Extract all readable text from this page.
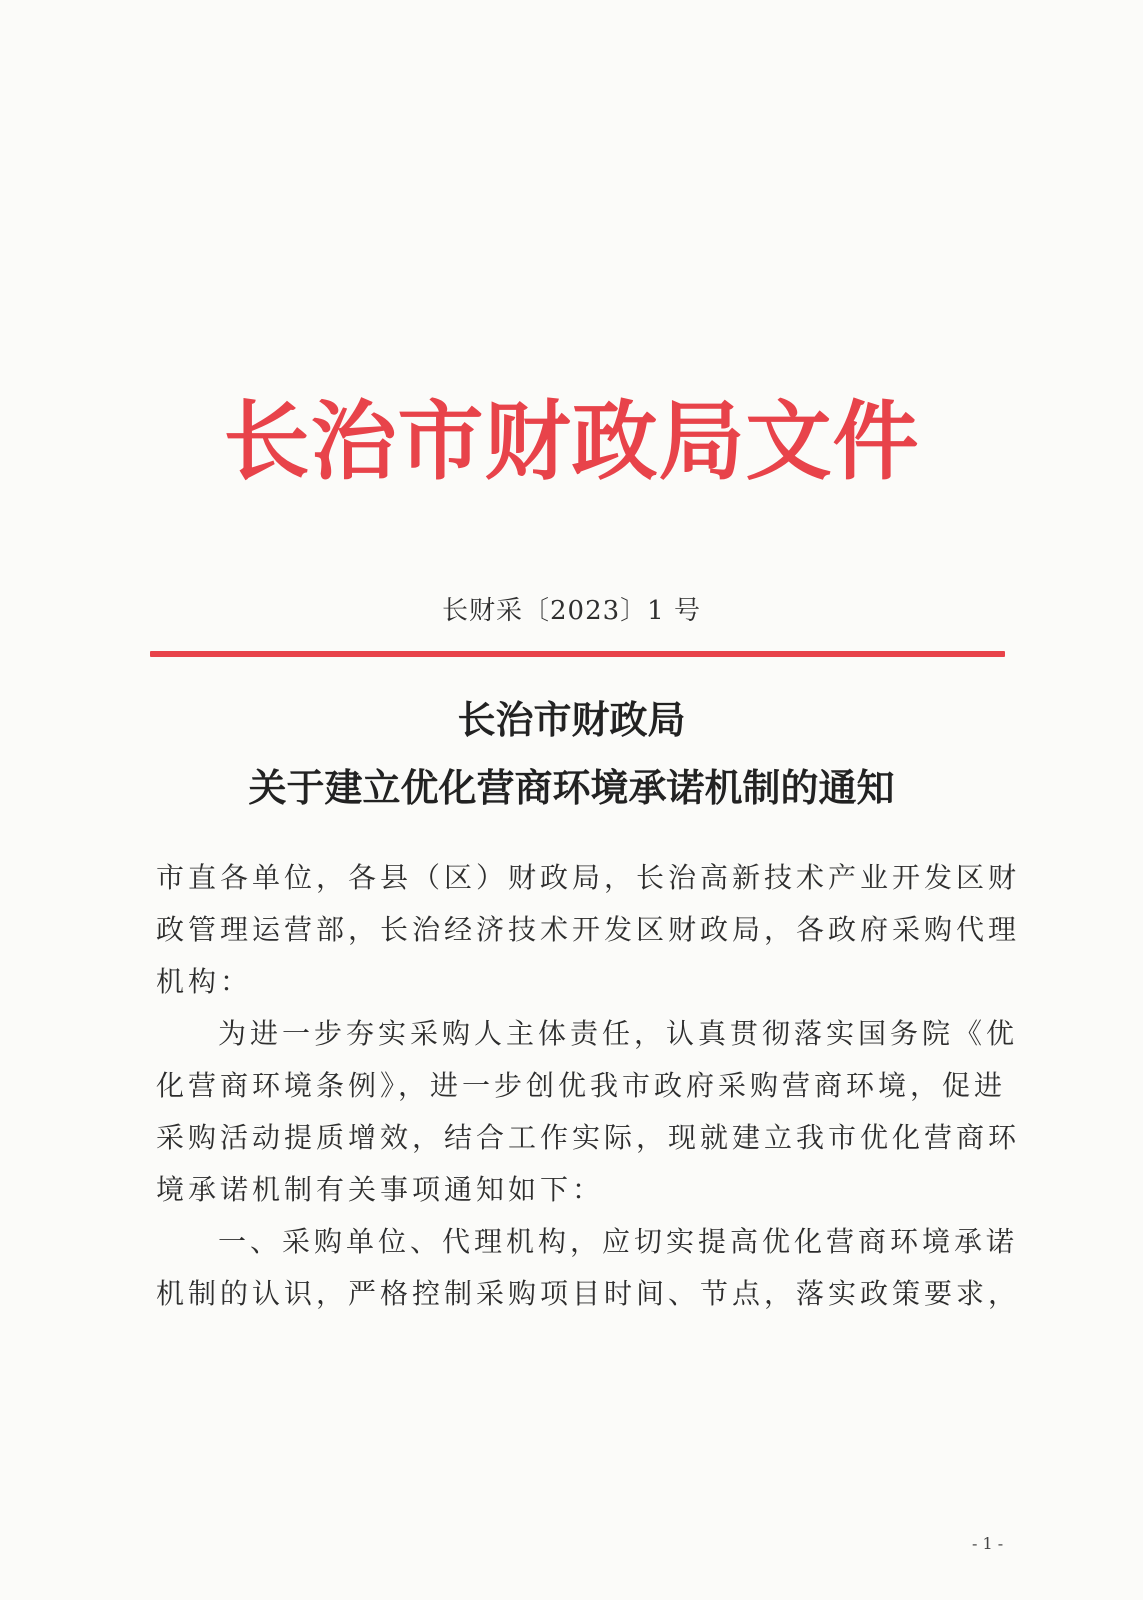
长治市财政局文件
长财采〔2023〕1 号
长治市财政局
关于建立优化营商环境承诺机制的通知
市直各单位，各县（区）财政局，长治高新技术产业开发区财
政管理运营部，长治经济技术开发区财政局，各政府采购代理
机构：
为进一步夯实采购人主体责任，认真贯彻落实国务院《优
化营商环境条例》，进一步创优我市政府采购营商环境，促进
采购活动提质增效，结合工作实际，现就建立我市优化营商环
境承诺机制有关事项通知如下：
一、采购单位、代理机构，应切实提高优化营商环境承诺
机制的认识，严格控制采购项目时间、节点，落实政策要求，
- 1 -
